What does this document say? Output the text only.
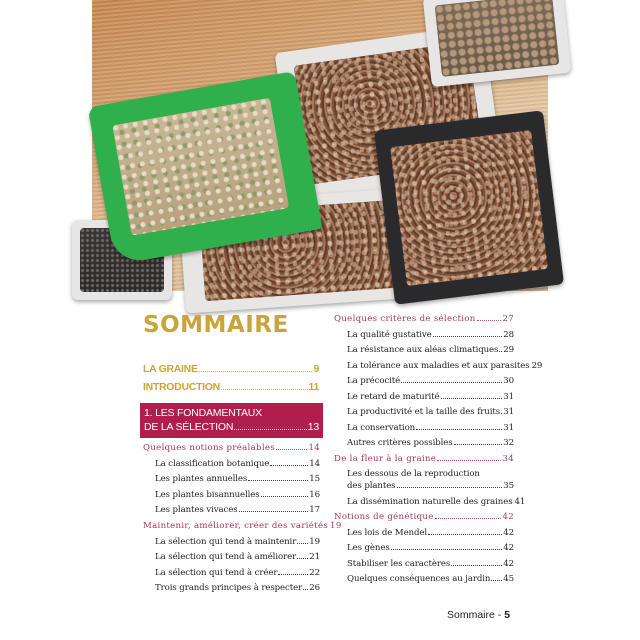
SOMMAIRE
LA GRAINE	9
INTRODUCTION	11
1. LES FONDAMENTAUX
DE LA SÉLECTION	13
Quelques notions préalables	14
La classification botanique	14
Les plantes annuelles	15
Les plantes bisannuelles	16
Les plantes vivaces	17
Maintenir, améliorer, créer des variétés 19
La sélection qui tend à maintenir 19
La sélection qui tend à améliorer 21
La sélection qui tend à créer	22
Trois grands principes à respecter 26
Quelques critères de sélection	27
La qualité gustative	28
La résistance aux aléas climatiques 29
La tolérance aux maladies et aux parasites 29
La précocité	30
Le retard de maturité	31
La productivité et la taille des fruits 31
La conservation	31
Autres critères possibles	32
De la fleur à la graine	34
Les dessous de la reproduction
des plantes	35
La dissémination naturelle des graines 41
Notions de génétique	42
Les lois de Mendel	42
Les gènes	42
Stabiliser les caractères	42
Quelques conséquences au jardin 45
Sommaire - 5
